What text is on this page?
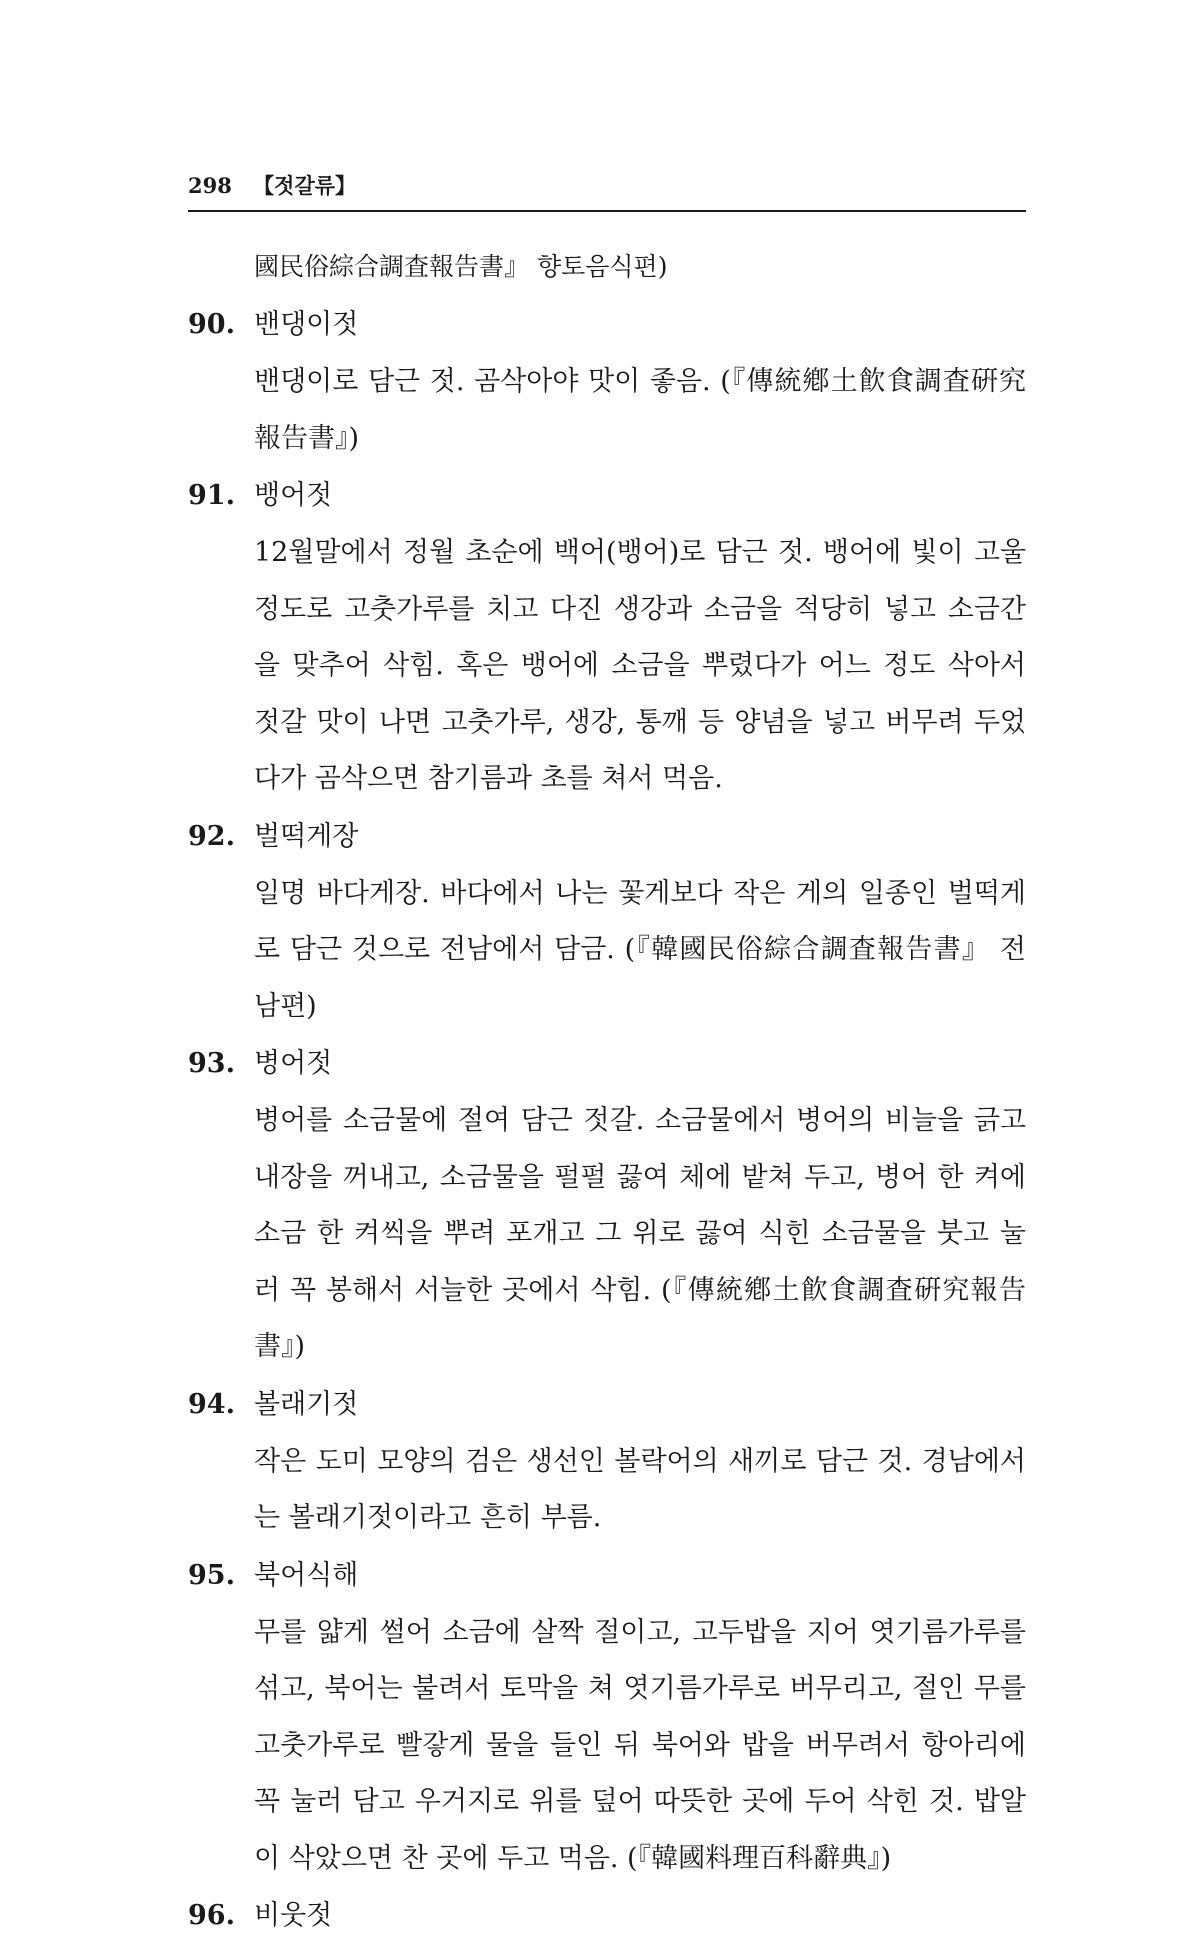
298 【젓갈류】
國民俗綜合調査報告書』 향토음식편)
90. 밴댕이젓
밴댕이로 담근 젓. 곰삭아야 맛이 좋음. (『傳統鄕土飮食調査硏究報告書』)
91. 뱅어젓
12월말에서 정월 초순에 백어(뱅어)로 담근 젓. 뱅어에 빛이 고울 정도로 고춧가루를 치고 다진 생강과 소금을 적당히 넣고 소금간을 맞추어 삭힘. 혹은 뱅어에 소금을 뿌렸다가 어느 정도 삭아서 젓갈 맛이 나면 고춧가루, 생강, 통깨 등 양념을 넣고 버무려 두었다가 곰삭으면 참기름과 초를 쳐서 먹음.
92. 벌떡게장
일명 바다게장. 바다에서 나는 꽃게보다 작은 게의 일종인 벌떡게로 담근 것으로 전남에서 담금. (『韓國民俗綜合調査報告書』 전남편)
93. 병어젓
병어를 소금물에 절여 담근 젓갈. 소금물에서 병어의 비늘을 긁고 내장을 꺼내고, 소금물을 펄펄 끓여 체에 밭쳐 두고, 병어 한 켜에 소금 한 켜씩을 뿌려 포개고 그 위로 끓여 식힌 소금물을 붓고 눌러 꼭 봉해서 서늘한 곳에서 삭힘. (『傳統鄕土飮食調査硏究報告書』)
94. 볼래기젓
작은 도미 모양의 검은 생선인 볼락어의 새끼로 담근 것. 경남에서는 볼래기젓이라고 흔히 부름.
95. 북어식해
무를 얇게 썰어 소금에 살짝 절이고, 고두밥을 지어 엿기름가루를 섞고, 북어는 불려서 토막을 쳐 엿기름가루로 버무리고, 절인 무를 고춧가루로 빨갛게 물을 들인 뒤 북어와 밥을 버무려서 항아리에 꼭 눌러 담고 우거지로 위를 덮어 따뜻한 곳에 두어 삭힌 것. 밥알이 삭았으면 찬 곳에 두고 먹음. (『韓國料理百科辭典』)
96. 비웃젓
